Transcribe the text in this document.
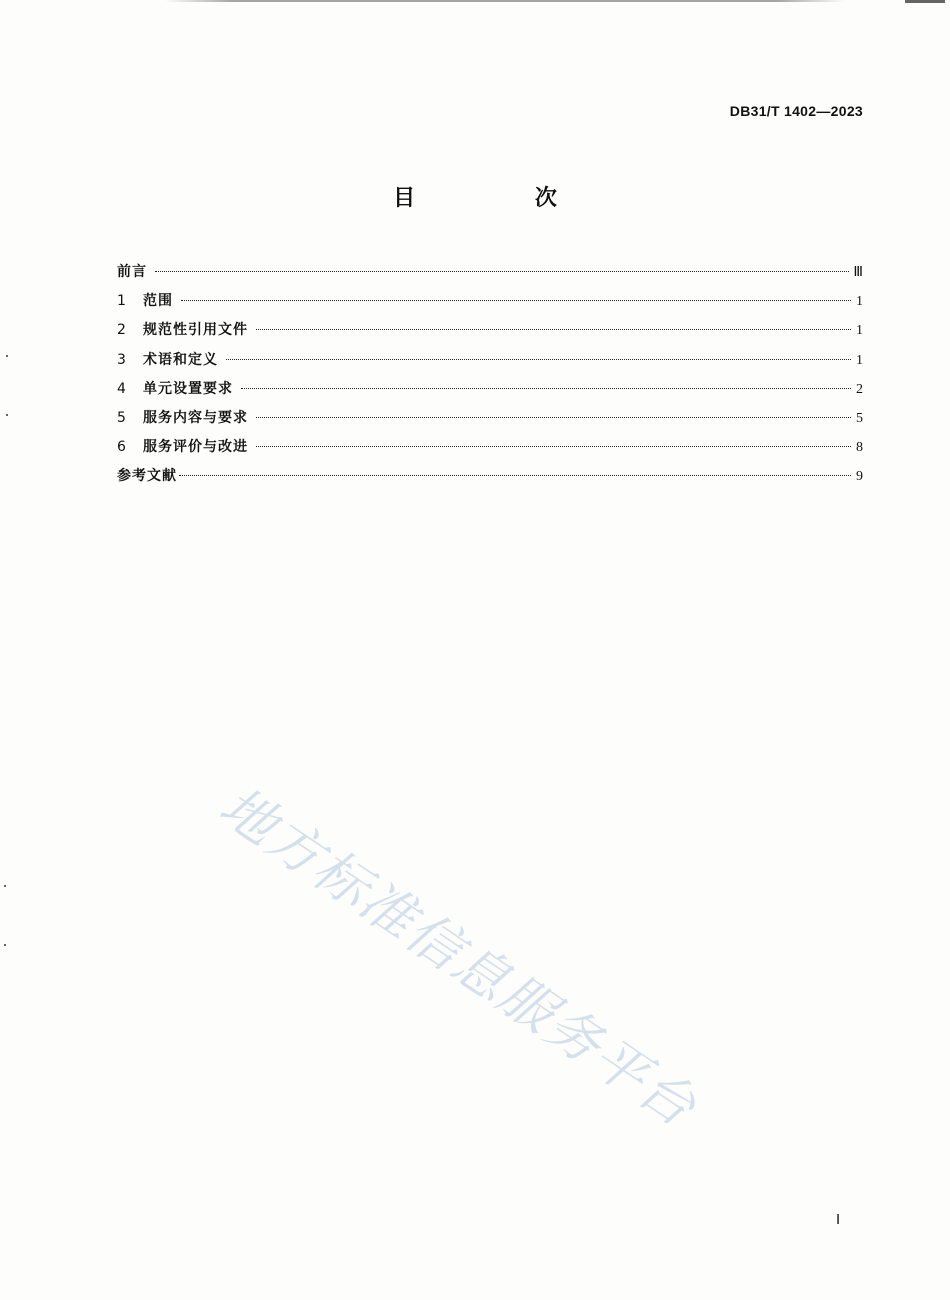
DB31/T 1402—2023
目 次
前言	Ⅲ
1	范围	1
2	规范性引用文件	1
3	术语和定义	1
4	单元设置要求	2
5	服务内容与要求	5
6	服务评价与改进	8
参考文献	9
地方标准信息服务平台
Ⅰ
